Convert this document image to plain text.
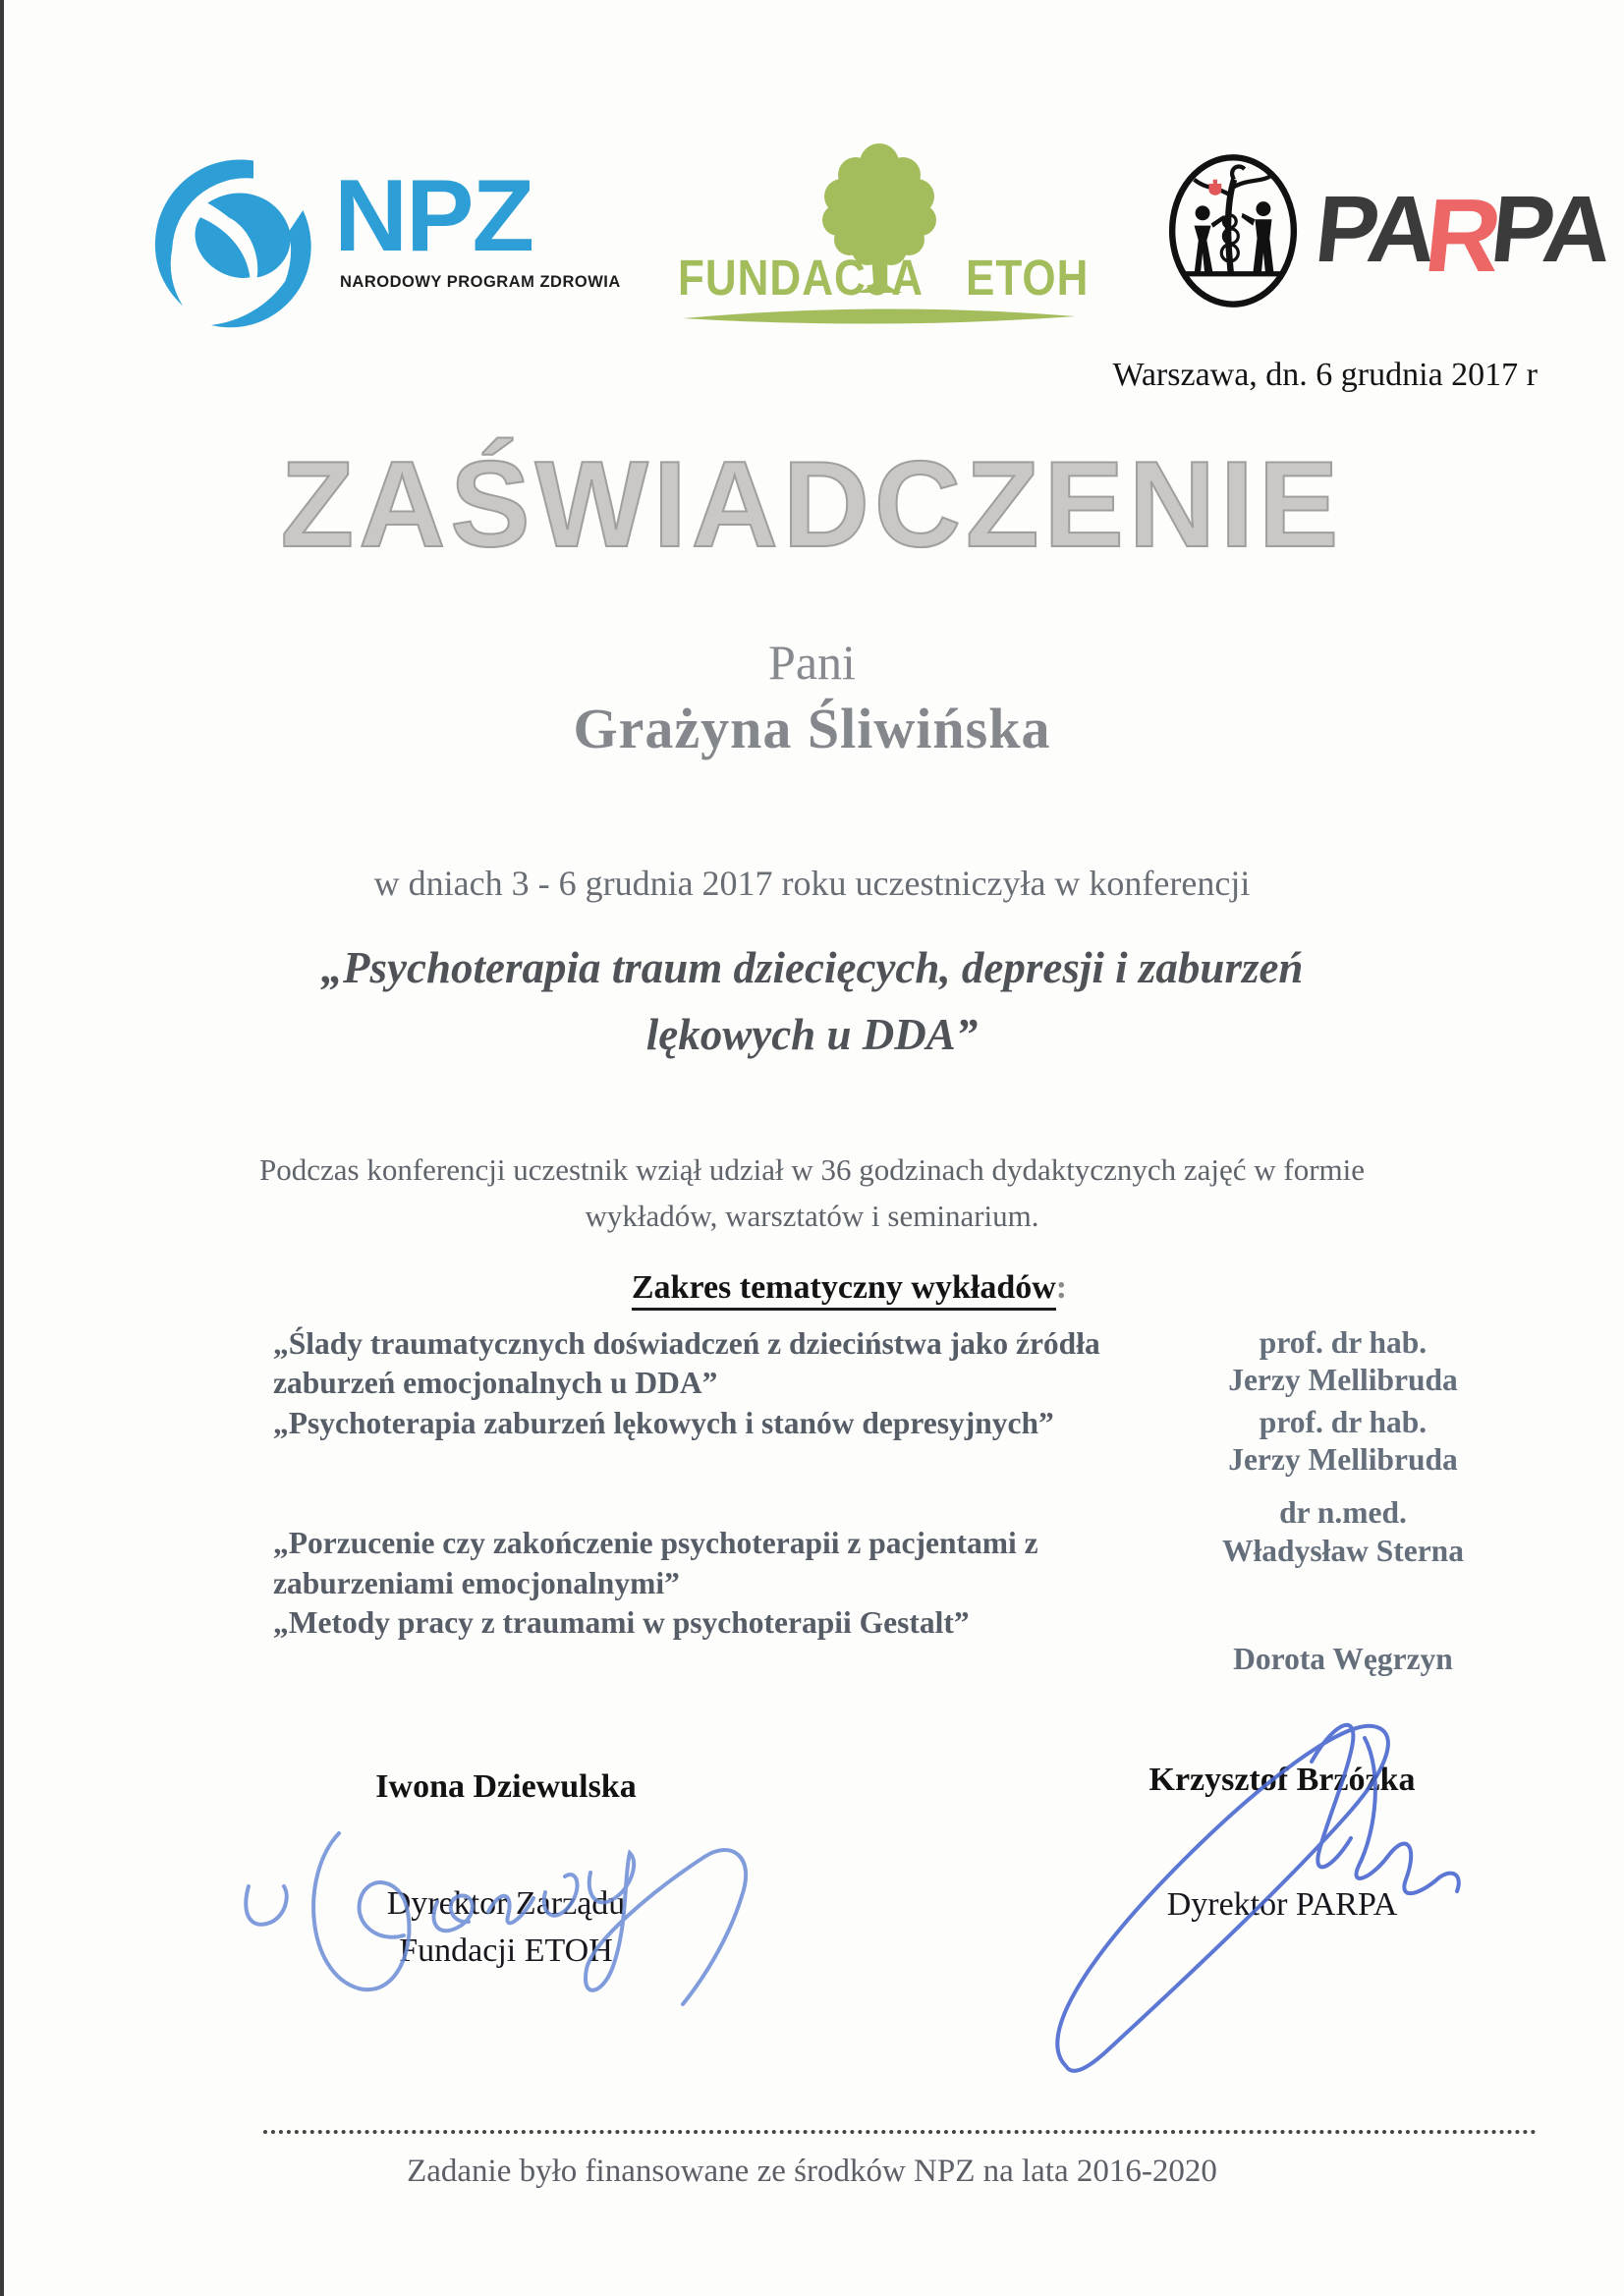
NPZ
NARODOWY PROGRAM ZDROWIA FUNDACJA ETOH PARPA
Warszawa, dn. 6 grudnia 2017 r
ZAŚWIADCZENIE
Pani
Grażyna Śliwińska
w dniach 3 - 6 grudnia 2017 roku uczestniczyła w konferencji
„Psychoterapia traum dziecięcych, depresji i zaburzeń
lękowych u DDA”
Podczas konferencji uczestnik wziął udział w 36 godzinach dydaktycznych zajęć w formie
wykładów, warsztatów i seminarium.
Zakres tematyczny wykładów:
„Ślady traumatycznych doświadczeń z dzieciństwa jako źródła zaburzeń emocjonalnych u DDA”
prof. dr hab.
Jerzy Mellibruda
„Psychoterapia zaburzeń lękowych i stanów depresyjnych”	prof. dr hab.
Jerzy Mellibruda
„Porzucenie czy zakończenie psychoterapii z pacjentami z zaburzeniami emocjonalnymi”
dr n.med.
Władysław Sterna
„Metody pracy z traumami w psychoterapii Gestalt”
Dorota Węgrzyn
Iwona Dziewulska
Dyrektor Zarządu
Fundacji ETOH
Krzysztof Brzózka
Dyrektor PARPA
Zadanie było finansowane ze środków NPZ na lata 2016-2020
